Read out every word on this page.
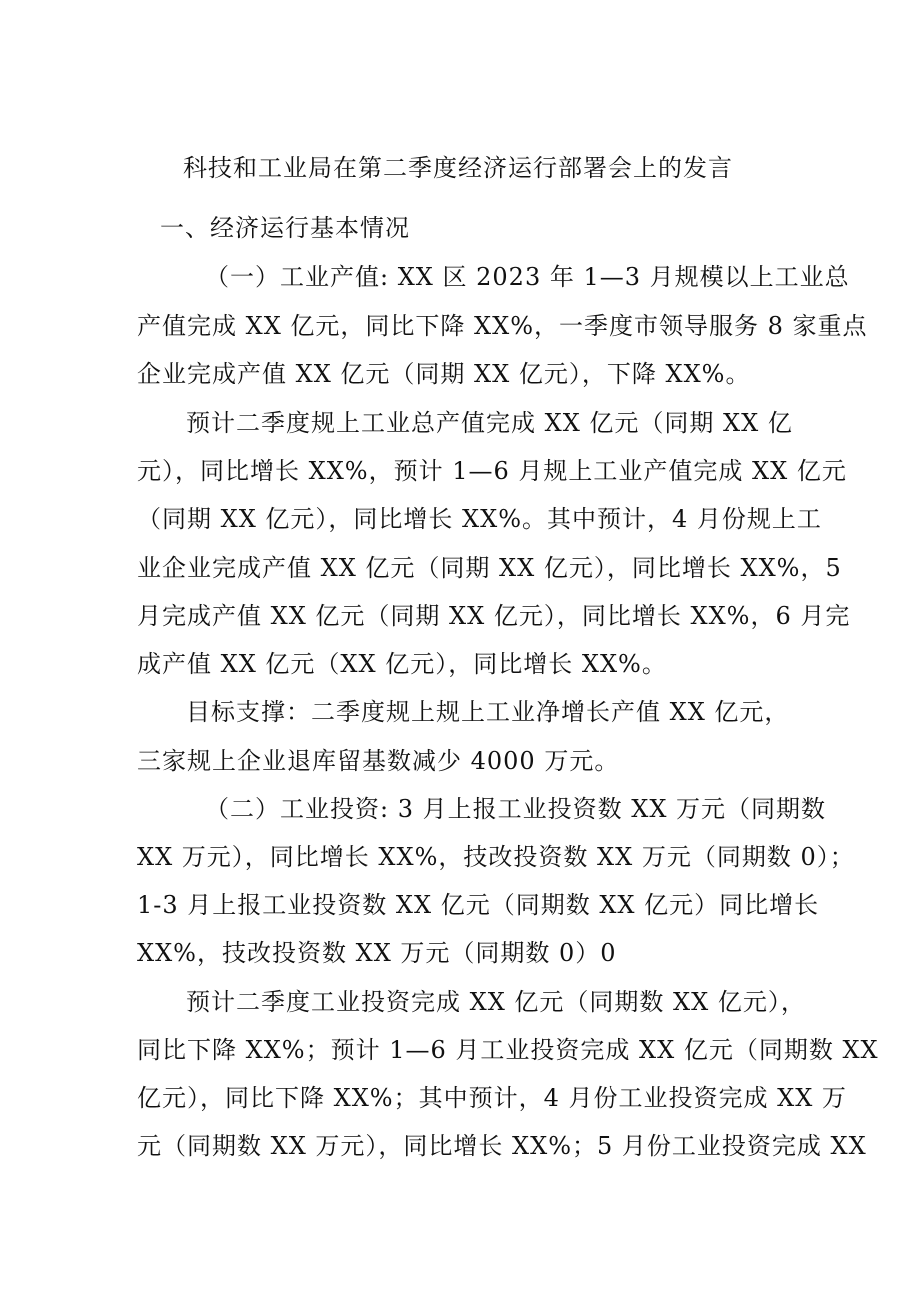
科技和工业局在第二季度经济运行部署会上的发言
一、经济运行基本情况
（一）工业产值: XX 区 2023 年 1—3 月规模以上工业总
产值完成 XX 亿元，同比下降 XX%，一季度市领导服务 8 家重点
企业完成产值 XX 亿元（同期 XX 亿元），下降 XX%。
预计二季度规上工业总产值完成 XX 亿元（同期 XX 亿
元），同比增长 XX%，预计 1—6 月规上工业产值完成 XX 亿元
（同期 XX 亿元），同比增长 XX%。其中预计，4 月份规上工
业企业完成产值 XX 亿元（同期 XX 亿元），同比增长 XX%，5
月完成产值 XX 亿元（同期 XX 亿元），同比增长 XX%，6 月完
成产值 XX 亿元（XX 亿元），同比增长 XX%。
目标支撑：二季度规上规上工业净增长产值 XX 亿元，
三家规上企业退库留基数减少 4000 万元。
（二）工业投资: 3 月上报工业投资数 XX 万元（同期数
XX 万元），同比增长 XX%，技改投资数 XX 万元（同期数 0）；
1-3 月上报工业投资数 XX 亿元（同期数 XX 亿元）同比增长
XX%，技改投资数 XX 万元（同期数 0）0
预计二季度工业投资完成 XX 亿元（同期数 XX 亿元），
同比下降 XX%；预计 1—6 月工业投资完成 XX 亿元（同期数 XX
亿元），同比下降 XX%；其中预计，4 月份工业投资完成 XX 万
元（同期数 XX 万元），同比增长 XX%；5 月份工业投资完成 XX
